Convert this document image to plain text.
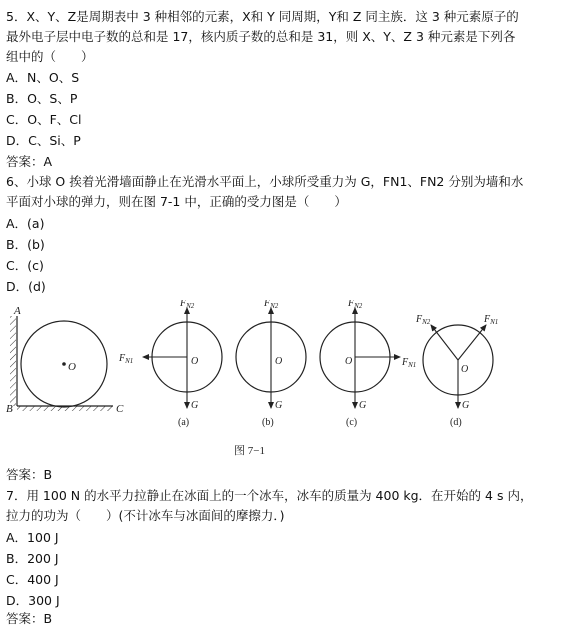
5．X、Y、Z是周期表中 3 种相邻的元素，X和 Y 同周期，Y和 Z 同主族．这 3 种元素原子的
最外电子层中电子数的总和是 17，核内质子数的总和是 31，则 X、Y、Z 3 种元素是下列各
组中的（　　）
A．N、O、S
B．O、S、P
C．O、F、Cl
D．C、Si、P
答案：A
6、小球 O 挨着光滑墙面静止在光滑水平面上，小球所受重力为 G，FN1、FN2 分别为墙和水
平面对小球的弹力，则在图 7-1 中，正确的受力图是（　　）
A．(a)
B．(b)
C．(c)
D．(d)
O
A
B	C
$F_{N2}$
$F_{N1}$	O
G
(a)
$F_{N2}$
O
G
(b)
$F_{N2}$
$F_{N1}$
O
G
(c)
$F_{N2}$	$F_{N1}$
O
G
(d)
图 7−1
答案：B
7．用 100 N 的水平力拉静止在冰面上的一个冰车，冰车的质量为 400 kg．在开始的 4 s 内，
拉力的功为（　　）(不计冰车与冰面间的摩擦力．)
A．100 J
B．200 J
C．400 J
D．300 J
答案：B
